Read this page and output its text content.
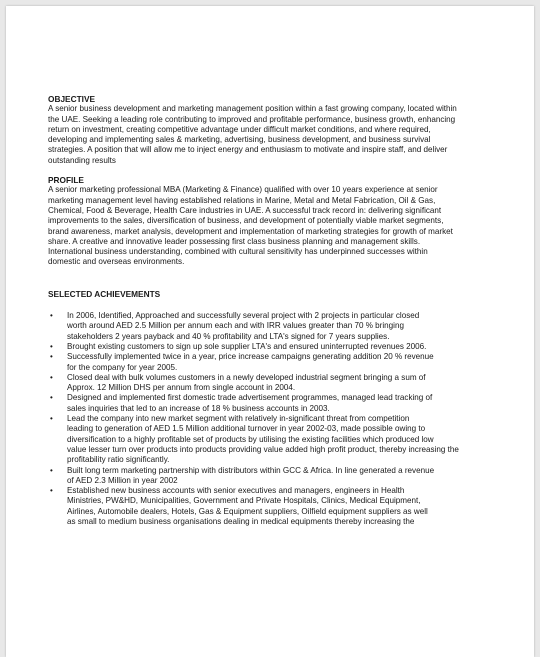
OBJECTIVE
A senior business development and marketing management position within a fast growing company, located within
the UAE. Seeking a leading role contributing to improved and profitable performance, business growth, enhancing
return on investment, creating competitive advantage under difficult market conditions, and where required,
developing and implementing sales & marketing, advertising, business development, and business survival
strategies. A position that will allow me to inject energy and enthusiasm to motivate and inspire staff, and deliver
outstanding results
PROFILE
A senior marketing professional MBA (Marketing & Finance) qualified with over 10 years experience at senior
marketing management level having established relations in Marine, Metal and Metal Fabrication, Oil & Gas,
Chemical, Food & Beverage, Health Care industries in UAE. A successful track record in: delivering significant
improvements to the sales, diversification of business, and development of potentially viable market segments,
brand awareness, market analysis, development and implementation of marketing strategies for growth of market
share. A creative and innovative leader possessing first class business planning and management skills.
International business understanding, combined with cultural sensitivity has underpinned successes within
domestic and overseas environments.
SELECTED ACHIEVEMENTS
• In 2006, Identified, Approached and successfully several project with 2 projects in particular closed
worth around AED 2.5 Million per annum each and with IRR values greater than 70 % bringing
stakeholders 2 years payback and 40 % profitability and LTA's signed for 7 years supplies.
• Brought existing customers to sign up sole supplier LTA's and ensured uninterrupted revenues 2006.
• Successfully implemented twice in a year, price increase campaigns generating addition 20 % revenue
for the company for year 2005.
• Closed deal with bulk volumes customers in a newly developed industrial segment bringing a sum of
Approx. 12 Million DHS per annum from single account in 2004.
• Designed and implemented first domestic trade advertisement programmes, managed lead tracking of
sales inquiries that led to an increase of 18 % business accounts in 2003.
• Lead the company into new market segment with relatively in-significant threat from competition
leading to generation of AED 1.5 Million additional turnover in year 2002-03, made possible owing to
diversification to a highly profitable set of products by utilising the existing facilities which produced low
value lesser turn over products into products providing value added high profit product, thereby increasing the
profitability ratio significantly.
• Built long term marketing partnership with distributors within GCC & Africa. In line generated a revenue
of AED 2.3 Million in year 2002
• Established new business accounts with senior executives and managers, engineers in Health
Ministries, PW&HD, Municipalities, Government and Private Hospitals, Clinics, Medical Equipment,
Airlines, Automobile dealers, Hotels, Gas & Equipment suppliers, Oilfield equipment suppliers as well
as small to medium business organisations dealing in medical equipments thereby increasing the
